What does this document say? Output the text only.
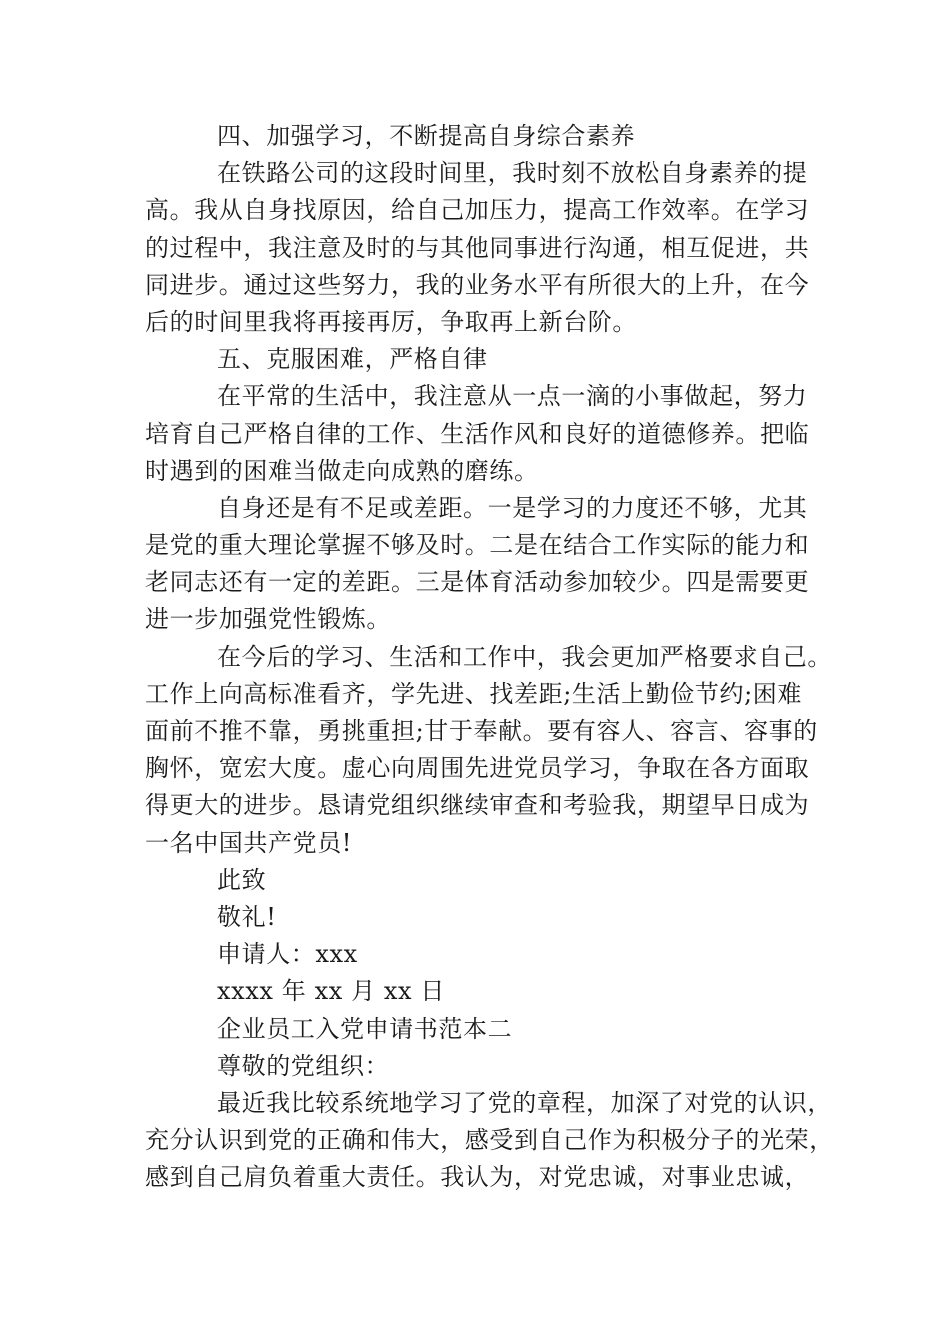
四、加强学习，不断提高自身综合素养
在铁路公司的这段时间里，我时刻不放松自身素养的提
高。我从自身找原因，给自己加压力，提高工作效率。在学习
的过程中，我注意及时的与其他同事进行沟通，相互促进，共
同进步。通过这些努力，我的业务水平有所很大的上升，在今
后的时间里我将再接再厉，争取再上新台阶。
五、克服困难，严格自律
在平常的生活中，我注意从一点一滴的小事做起，努力
培育自己严格自律的工作、生活作风和良好的道德修养。把临
时遇到的困难当做走向成熟的磨练。
自身还是有不足或差距。一是学习的力度还不够，尤其
是党的重大理论掌握不够及时。二是在结合工作实际的能力和
老同志还有一定的差距。三是体育活动参加较少。四是需要更
进一步加强党性锻炼。
在今后的学习、生活和工作中，我会更加严格要求自己。
工作上向高标准看齐，学先进、找差距;生活上勤俭节约;困难
面前不推不靠，勇挑重担;甘于奉献。要有容人、容言、容事的
胸怀，宽宏大度。虚心向周围先进党员学习，争取在各方面取
得更大的进步。恳请党组织继续审查和考验我，期望早日成为
一名中国共产党员!
此致
敬礼!
申请人：xxx
xxxx 年 xx 月 xx 日
企业员工入党申请书范本二
尊敬的党组织：
最近我比较系统地学习了党的章程，加深了对党的认识，
充分认识到党的正确和伟大，感受到自己作为积极分子的光荣，
感到自己肩负着重大责任。我认为，对党忠诚，对事业忠诚，
